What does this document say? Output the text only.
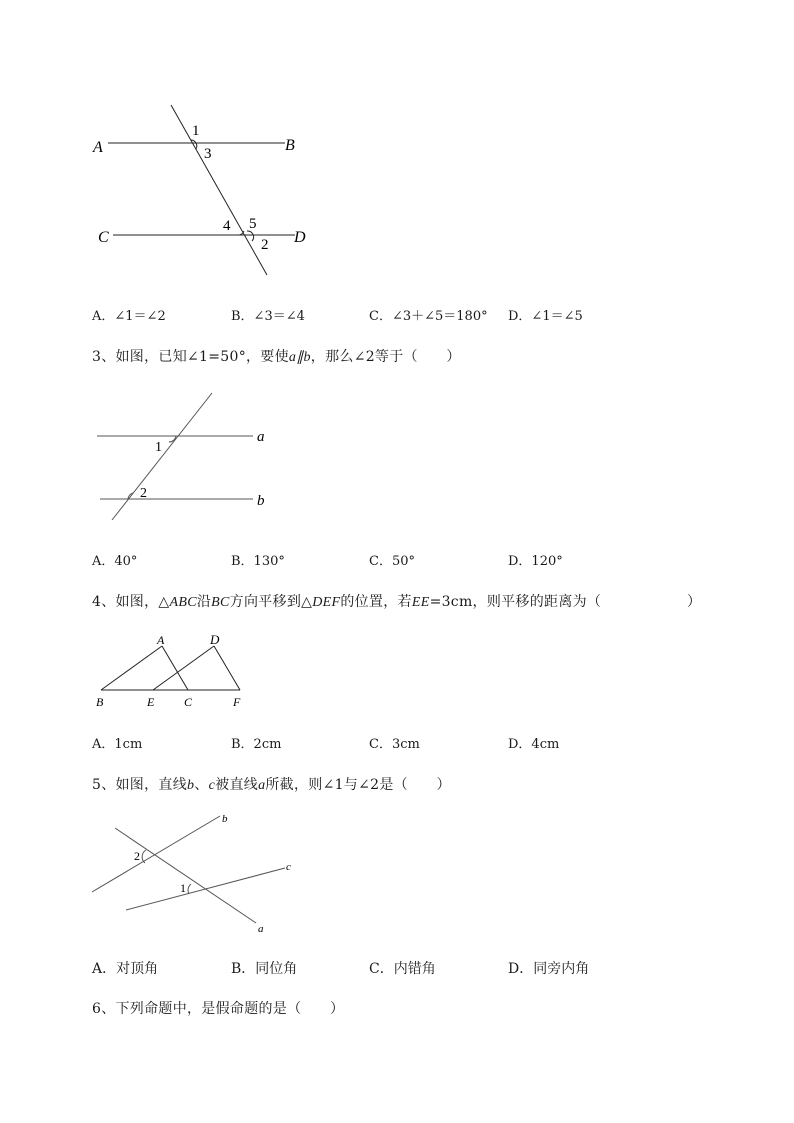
A	B
C	D
1
3
4 5
2
A．∠1＝∠2	B．∠3＝∠4	C．∠3＋∠5＝180° D．∠1＝∠5
3、如图，已知∠1=50°，要使a∥b，那么∠2等于（　　）
a
b
1
2
A．40°	B．130°	C．50°	D．120°
4、如图，△ABC沿BC方向平移到△DEF的位置，若EE=3cm，则平移的距离为（　　　　　　）
A	D
B	E C	F
A．1cm	B．2cm	C．3cm	D．4cm
5、如图，直线b、c被直线a所截，则∠1与∠2是（　　）
b
c
a
2
1
A．对顶角	B．同位角	C．内错角	D．同旁内角
6、下列命题中，是假命题的是（　　）
